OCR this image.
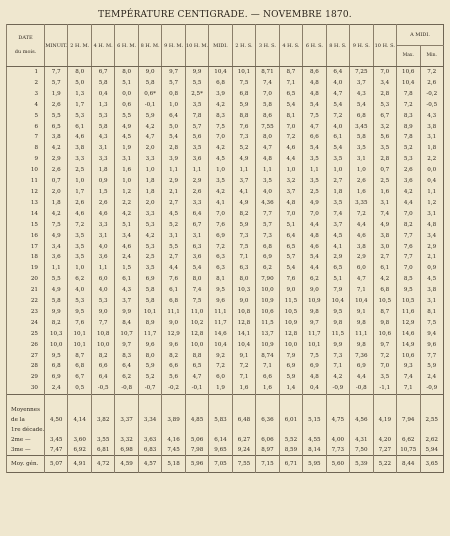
TEMPÉRATURE CENTIGRADE. — NOVEMBRE 1870.
DATE

du mois.	MINUIT.	2 H. M.	4 H. M.	6 H. M.	8 H. M.	9 H. M.	10 H. M.	MIDI.	2 H. S.	3 H. S.	4 H. S.	6 H. S.	8 H. S.	9 H. S.	10 H. S.	A MIDI.	
																Max.	Min.
1	7,7	8,0	6,7	8,0	9,0	9,7	9,9	10,4	10,1	8,71	8,7	8,6	6,4	7,25	7,0	10,6	7,2
2	5,7	5,0	5,8	5,1	5,8	5,7	5,5	6,8	7,5	7,4	7,1	4,8	4,0	3,7	3,4	10,4	2,6
3	1,9	1,3	0,4	0,0	0,6*	0,8	2,5*	3,9	6,8	7,0	6,5	4,8	4,7	4,3	2,8	7,8	-0,2
4	2,6	1,7	1,3	0,6	-0,1	1,0	3,5	4,2	5,9	5,8	5,4	5,4	5,4	5,4	5,3	7,2	-0,5
5	5,5	5,3	5,3	5,5	5,9	6,4	7,8	8,3	8,8	8,6	8,1	7,5	7,2	6,8	6,7	8,3	4,3
6	6,5	6,1	5,8	4,9	4,2	5,0	5,7	7,5	7,6	7,55	7,0	4,7	4,0	3,45	3,2	8,9	3,8
7	3,8	4,6	4,3	4,5	4,7	5,4	5,6	7,0	7,3	8,0	7,2	6,6	6,1	5,8	5,6	7,8	3,1
8	4,2	3,8	3,1	1,9	2,0	2,8	3,5	4,2	5,2	4,7	4,6	5,4	5,4	3,5	3,5	5,2	1,8
9	2,9	3,3	3,3	3,1	3,3	3,9	3,6	4,5	4,9	4,8	4,4	3,5	3,5	3,1	2,8	5,3	2,2
10	2,6	2,5	1,8	1,6	1,0	1,1	1,1	1,0	1,1	1,1	1,0	1,1	1,0	1,0	0,7	2,6	0,0
11	0,7	1,0	0,9	1,0	1,8	2,9	2,9	3,5	3,7	3,5	3,2	3,5	2,7	2,6	2,5	3,6	0,4
12	2,0	1,7	1,5	1,2	1,8	2,1	2,6	4,2	4,1	4,0	3,7	2,5	1,8	1,6	1,6	4,2	1,1
13	1,8	2,6	2,6	2,2	2,0	2,7	3,3	4,1	4,9	4,36	4,8	4,9	3,5	3,35	3,1	4,4	1,2
14	4,2	4,6	4,6	4,2	3,3	4,5	6,4	7,0	8,2	7,7	7,0	7,0	7,4	7,2	7,4	7,0	3,1
15	7,5	7,2	3,3	5,1	5,3	5,2	6,7	7,6	5,9	5,7	5,1	4,4	3,7	4,4	4,9	8,2	4,8
16	4,9	3,5	3,1	3,4	4,2	3,1	3,1	6,9	7,3	7,3	6,4	4,8	4,5	4,6	3,8	7,7	3,4
17	3,4	3,5	4,0	4,6	5,3	5,5	6,3	7,2	7,5	6,8	6,5	4,6	4,1	3,8	3,0	7,6	2,9
18	3,6	3,5	3,6	2,4	2,5	2,7	3,6	6,3	7,1	6,9	5,7	5,4	2,9	2,9	2,7	7,7	2,1
19	1,1	1,0	1,1	1,5	3,5	4,4	5,4	6,3	6,3	6,2	5,4	4,4	6,5	6,0	6,1	7,0	0,9
20	5,5	6,2	6,0	6,1	6,9	7,6	8,0	8,1	8,0	7,90	7,6	6,2	5,1	4,7	4,2	8,5	4,5
21	4,9	4,0	4,0	4,3	5,8	6,1	7,4	9,5	10,3	10,0	9,0	9,0	7,9	7,1	6,8	9,5	3,8
22	5,8	5,3	5,3	3,7	5,8	6,8	7,5	9,6	9,0	10,9	11,5	10,9	10,4	10,4	10,5	10,5	3,1
23	9,9	9,5	9,0	9,9	10,1	11,1	11,0	11,1	10,8	10,6	10,5	9,8	9,5	9,1	8,7	11,6	8,1
24	8,2	7,6	7,7	8,4	8,9	9,0	10,2	11,7	12,8	11,5	10,9	9,7	9,8	9,8	9,8	12,9	7,5
25	10,3	10,1	10,8	10,7	11,7	12,9	12,8	14,6	14,1	13,7	12,8	11,7	11,5	11,1	10,6	14,6	9,4
26	10,0	10,1	10,0	9,7	9,6	9,6	10,0	10,4	10,4	10,9	10,0	10,1	9,9	9,8	9,7	14,9	9,6
27	9,5	8,7	8,2	8,3	8,0	8,2	8,8	9,2	9,1	8,74	7,9	7,5	7,3	7,36	7,2	10,6	7,7
28	6,8	6,8	6,6	6,4	5,9	6,6	6,5	7,2	7,2	7,1	6,9	6,9	7,1	6,9	7,0	9,3	5,9
29	6,9	6,7	6,4	6,2	5,2	5,6	4,7	6,0	7,1	6,6	5,9	4,8	4,2	4,4	3,5	7,4	2,4
30	2,4	0,5	-0,5	-0,8	-0,7	-0,2	-0,1	1,9	1,6	1,6	1,4	0,4	-0,9	-0,8	-1,1	7,1	-0,9

Moyennes
de la
1re décade.	4,50	4,14	3,82	3,37	3,34	3,89	4,85	5,83	6,48	6,36	6,01	5,15	4,75	4,56	4,19	7,94	2,55
2me —	3,45	3,60	3,55	3,32	3,63	4,16	5,06	6,14	6,27	6,06	5,52	4,55	4,00	4,31	4,20	6,62	2,62
3me —	7,47	6,92	6,81	6,98	6,83	7,45	7,98	9,65	9,24	8,97	8,59	8,14	7,73	7,50	7,27	10,75	5,94
Moy. gén.	5,07	4,91	4,72	4,59	4,57	5,18	5,96	7,05	7,55	7,15	6,71	5,95	5,60	5,39	5,22	8,44	3,65
